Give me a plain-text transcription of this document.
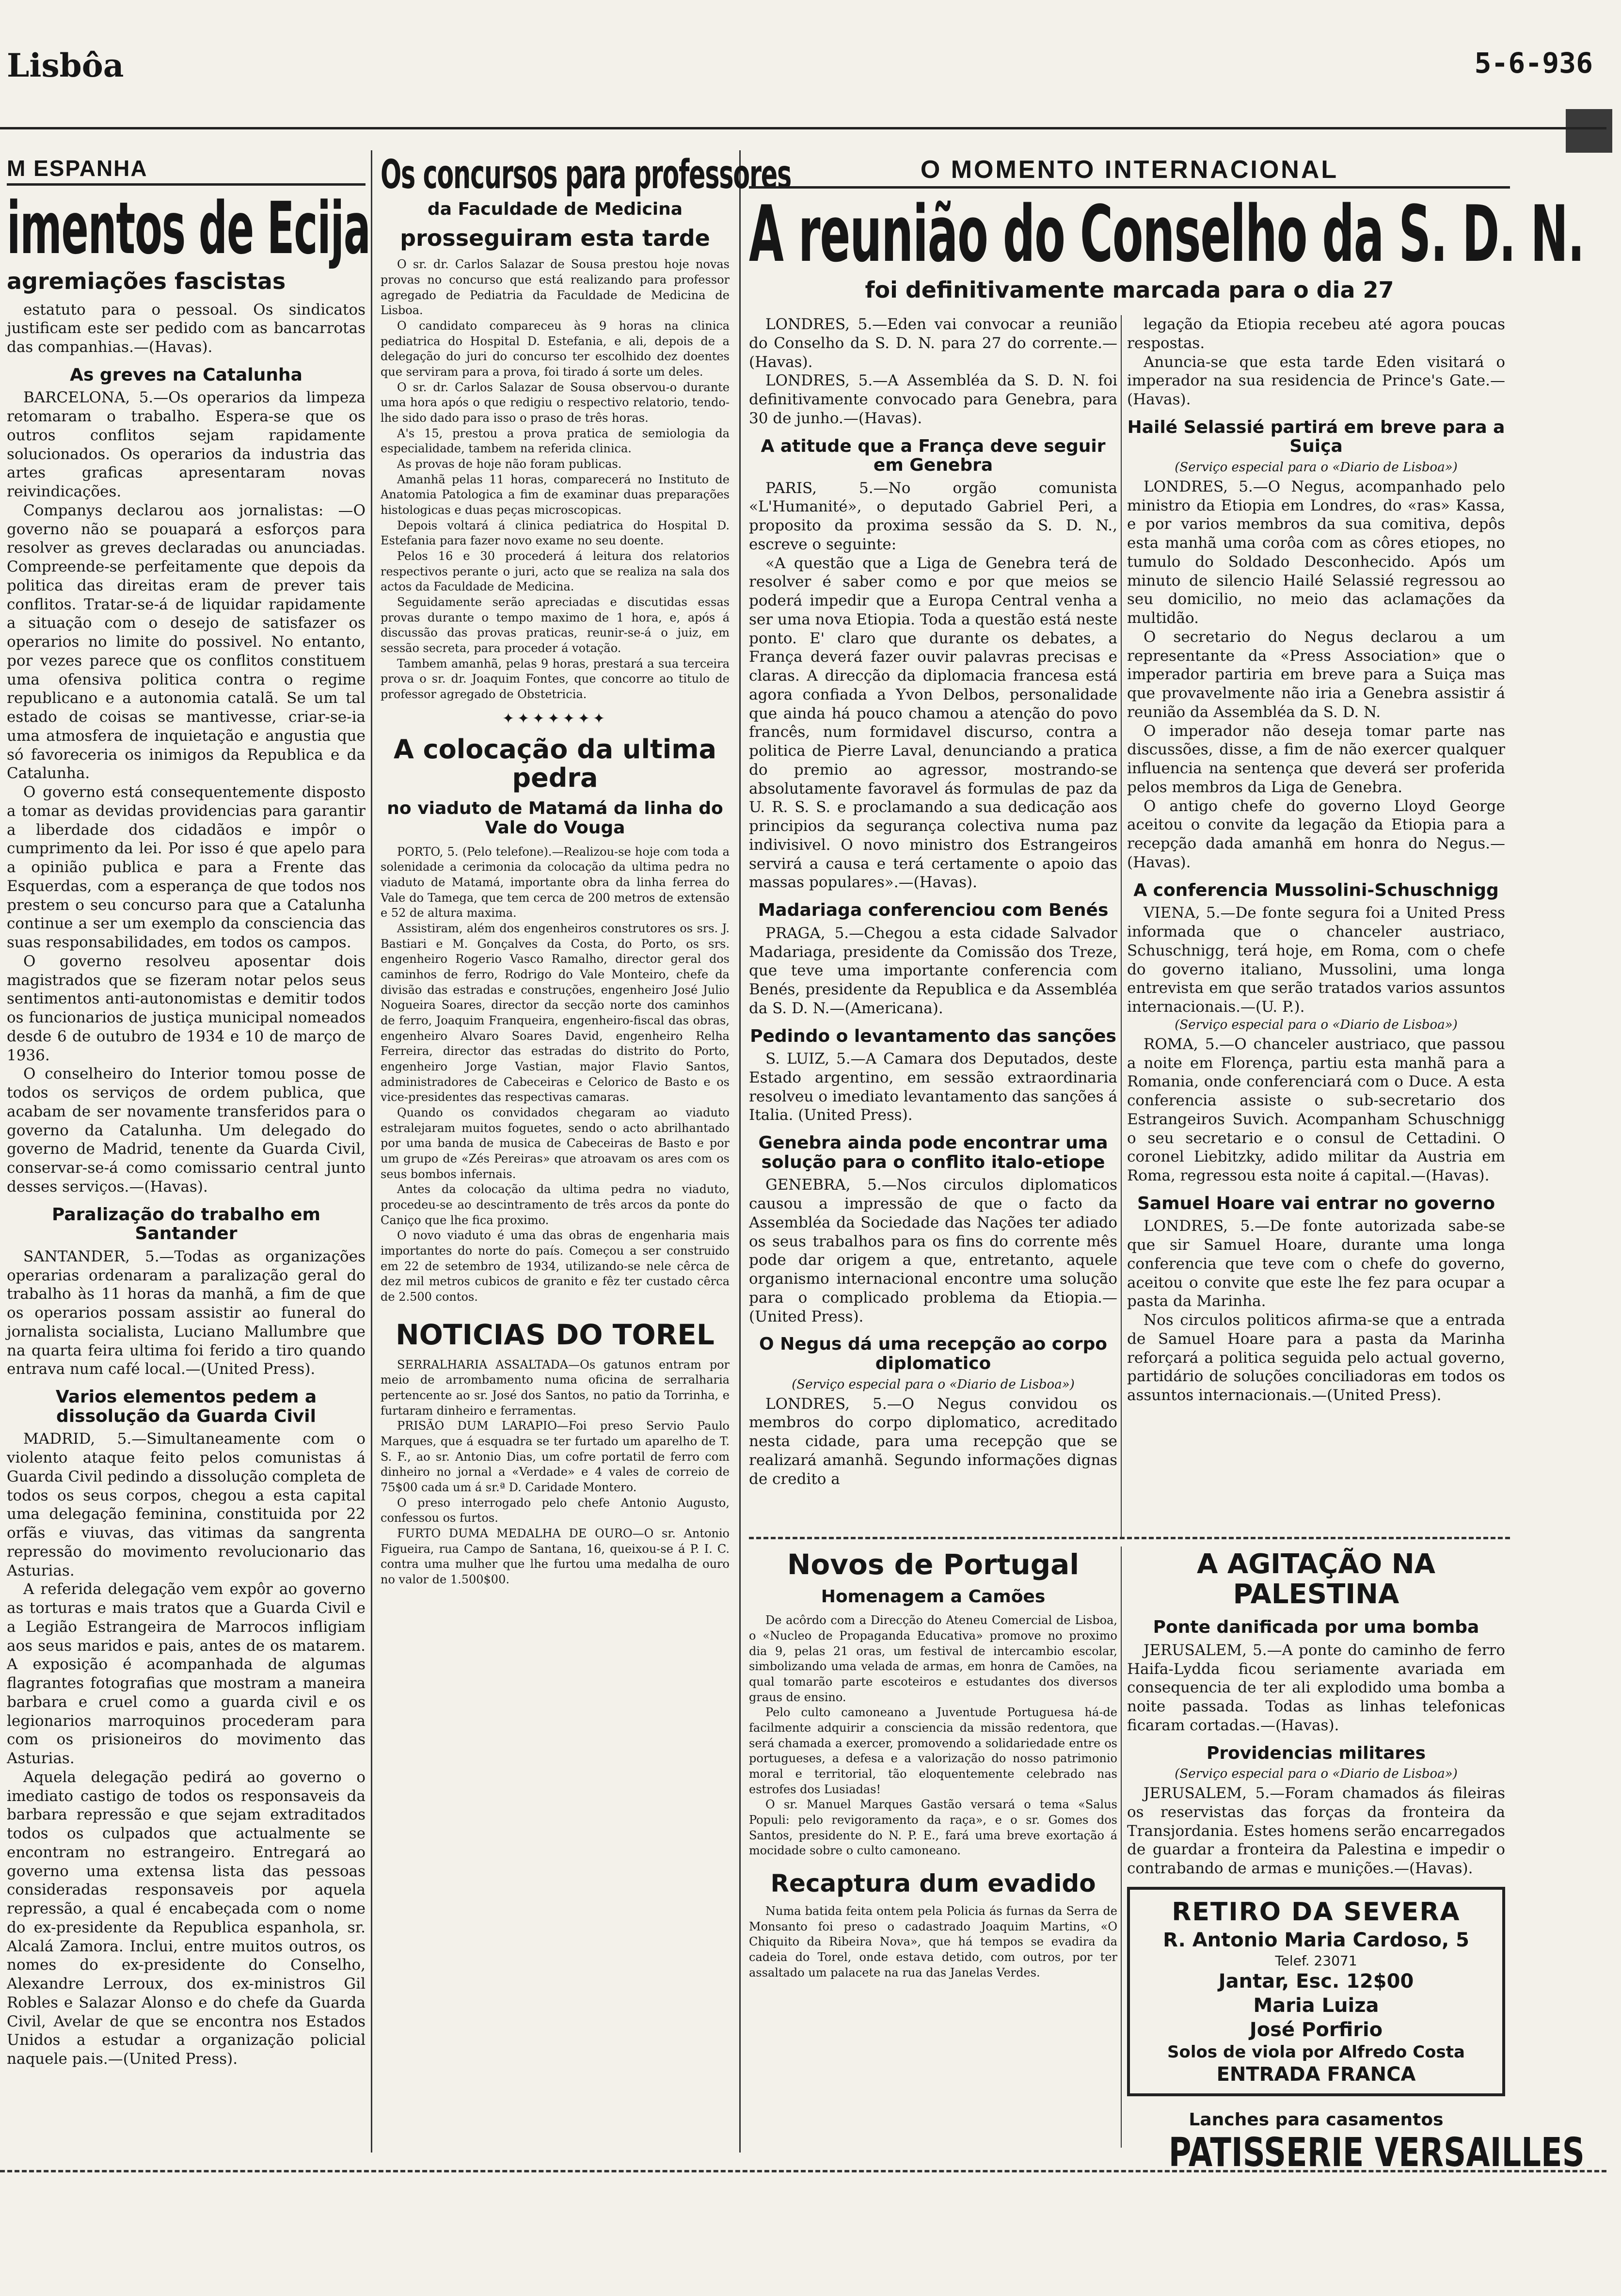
Lisbôa	5-6-936
M ESPANHA
imentos de Ecija
agremiações fascistas

estatuto para o pessoal. Os sindicatos justificam este ser pedido com as bancarrotas das companhias.—(Havas).

As greves na Catalunha

BARCELONA, 5.—Os operarios da limpeza retomaram o trabalho. Espera-se que os outros conflitos sejam rapidamente solucionados. Os operarios da industria das artes graficas apresentaram novas reivindicações.

Companys declarou aos jornalistas: —O governo não se pouapará a esforços para resolver as greves declaradas ou anunciadas. Compreende-se perfeitamente que depois da politica das direitas eram de prever tais conflitos. Tratar-se-á de liquidar rapidamente a situação com o desejo de satisfazer os operarios no limite do possivel. No entanto, por vezes parece que os conflitos constituem uma ofensiva politica contra o regime republicano e a autonomia catalã. Se um tal estado de coisas se mantivesse, criar-se-ia uma atmosfera de inquietação e angustia que só favoreceria os inimigos da Republica e da Catalunha.

O governo está consequentemente disposto a tomar as devidas providencias para garantir a liberdade dos cidadãos e impôr o cumprimento da lei. Por isso é que apelo para a opinião publica e para a Frente das Esquerdas, com a esperança de que todos nos prestem o seu concurso para que a Catalunha continue a ser um exemplo da consciencia das suas responsabilidades, em todos os campos.

O governo resolveu aposentar dois magistrados que se fizeram notar pelos seus sentimentos anti-autonomistas e demitir todos os funcionarios de justiça municipal nomeados desde 6 de outubro de 1934 e 10 de março de 1936.

O conselheiro do Interior tomou posse de todos os serviços de ordem publica, que acabam de ser novamente transferidos para o governo da Catalunha. Um delegado do governo de Madrid, tenente da Guarda Civil, conservar-se-á como comissario central junto desses serviços.—(Havas).

Paralização do trabalho em Santander

SANTANDER, 5.—Todas as organizações operarias ordenaram a paralização geral do trabalho às 11 horas da manhã, a fim de que os operarios possam assistir ao funeral do jornalista socialista, Luciano Mallumbre que na quarta feira ultima foi ferido a tiro quando entrava num café local.—(United Press).

Varios elementos pedem a dissolução da Guarda Civil

MADRID, 5.—Simultaneamente com o violento ataque feito pelos comunistas á Guarda Civil pedindo a dissolução completa de todos os seus corpos, chegou a esta capital uma delegação feminina, constituida por 22 orfãs e viuvas, das vitimas da sangrenta repressão do movimento revolucionario das Asturias.

A referida delegação vem expôr ao governo as torturas e mais tratos que a Guarda Civil e a Legião Estrangeira de Marrocos infligiam aos seus maridos e pais, antes de os matarem. A exposição é acompanhada de algumas flagrantes fotografias que mostram a maneira barbara e cruel como a guarda civil e os legionarios marroquinos procederam para com os prisioneiros do movimento das Asturias.

Aquela delegação pedirá ao governo o imediato castigo de todos os responsaveis da barbara repressão e que sejam extraditados todos os culpados que actualmente se encontram no estrangeiro. Entregará ao governo uma extensa lista das pessoas consideradas responsaveis por aquela repressão, a qual é encabeçada com o nome do ex-presidente da Republica espanhola, sr. Alcalá Zamora. Inclui, entre muitos outros, os nomes do ex-presidente do Conselho, Alexandre Lerroux, dos ex-ministros Gil Robles e Salazar Alonso e do chefe da Guarda Civil, Avelar de que se encontra nos Estados Unidos a estudar a organização policial naquele pais.—(United Press).

Os concursos para professores
da Faculdade de Medicina
prosseguiram esta tarde

O sr. dr. Carlos Salazar de Sousa prestou hoje novas provas no concurso que está realizando para professor agregado de Pediatria da Faculdade de Medicina de Lisboa.

O candidato compareceu às 9 horas na clinica pediatrica do Hospital D. Estefania, e ali, depois de a delegação do juri do concurso ter escolhido dez doentes que serviram para a prova, foi tirado á sorte um deles.

O sr. dr. Carlos Salazar de Sousa observou-o durante uma hora após o que redigiu o respectivo relatorio, tendo-lhe sido dado para isso o praso de três horas.

A's 15, prestou a prova pratica de semiologia da especialidade, tambem na referida clinica.

As provas de hoje não foram publicas.

Amanhã pelas 11 horas, comparecerá no Instituto de Anatomia Patologica a fim de examinar duas preparações histologicas e duas peças microscopicas.

Depois voltará á clinica pediatrica do Hospital D. Estefania para fazer novo exame no seu doente.

Pelos 16 e 30 procederá á leitura dos relatorios respectivos perante o juri, acto que se realiza na sala dos actos da Faculdade de Medicina.

Seguidamente serão apreciadas e discutidas essas provas durante o tempo maximo de 1 hora, e, após á discussão das provas praticas, reunir-se-á o juiz, em sessão secreta, para proceder á votação.

Tambem amanhã, pelas 9 horas, prestará a sua terceira prova o sr. dr. Joaquim Fontes, que concorre ao titulo de professor agregado de Obstetricia.

✦✦✦✦✦✦✦
A colocação da ultima pedra
no viaduto de Matamá da linha do Vale do Vouga

PORTO, 5. (Pelo telefone).—Realizou-se hoje com toda a solenidade a cerimonia da colocação da ultima pedra no viaduto de Matamá, importante obra da linha ferrea do Vale do Tamega, que tem cerca de 200 metros de extensão e 52 de altura maxima.

Assistiram, além dos engenheiros construtores os srs. J. Bastiari e M. Gonçalves da Costa, do Porto, os srs. engenheiro Rogerio Vasco Ramalho, director geral dos caminhos de ferro, Rodrigo do Vale Monteiro, chefe da divisão das estradas e construções, engenheiro José Julio Nogueira Soares, director da secção norte dos caminhos de ferro, Joaquim Franqueira, engenheiro-fiscal das obras, engenheiro Alvaro Soares David, engenheiro Relha Ferreira, director das estradas do distrito do Porto, engenheiro Jorge Vastian, major Flavio Santos, administradores de Cabeceiras e Celorico de Basto e os vice-presidentes das respectivas camaras.

Quando os convidados chegaram ao viaduto estralejaram muitos foguetes, sendo o acto abrilhantado por uma banda de musica de Cabeceiras de Basto e por um grupo de «Zés Pereiras» que atroavam os ares com os seus bombos infernais.

Antes da colocação da ultima pedra no viaduto, procedeu-se ao descintramento de três arcos da ponte do Caniço que lhe fica proximo.

O novo viaduto é uma das obras de engenharia mais importantes do norte do país. Começou a ser construido em 22 de setembro de 1934, utilizando-se nele cêrca de dez mil metros cubicos de granito e fêz ter custado cêrca de 2.500 contos.

NOTICIAS DO TOREL

SERRALHARIA ASSALTADA—Os gatunos entram por meio de arrombamento numa oficina de serralharia pertencente ao sr. José dos Santos, no patio da Torrinha, e furtaram dinheiro e ferramentas.

PRISÃO DUM LARAPIO—Foi preso Servio Paulo Marques, que á esquadra se ter furtado um aparelho de T. S. F., ao sr. Antonio Dias, um cofre portatil de ferro com dinheiro no jornal a «Verdade» e 4 vales de correio de 75$00 cada um á sr.ª D. Caridade Montero.

O preso interrogado pelo chefe Antonio Augusto, confessou os furtos.

FURTO DUMA MEDALHA DE OURO—O sr. Antonio Figueira, rua Campo de Santana, 16, queixou-se á P. I. C. contra uma mulher que lhe furtou uma medalha de ouro no valor de 1.500$00.

O MOMENTO INTERNACIONAL
A reunião do Conselho da S. D. N.
foi definitivamente marcada para o dia 27

LONDRES, 5.—Eden vai convocar a reunião do Conselho da S. D. N. para 27 do corrente.—(Havas).

LONDRES, 5.—A Assembléa da S. D. N. foi definitivamente convocado para Genebra, para 30 de junho.—(Havas).

A atitude que a França deve seguir em Genebra

PARIS, 5.—No orgão comunista «L'Humanité», o deputado Gabriel Peri, a proposito da proxima sessão da S. D. N., escreve o seguinte:

«A questão que a Liga de Genebra terá de resolver é saber como e por que meios se poderá impedir que a Europa Central venha a ser uma nova Etiopia. Toda a questão está neste ponto. E' claro que durante os debates, a França deverá fazer ouvir palavras precisas e claras. A direcção da diplomacia francesa está agora confiada a Yvon Delbos, personalidade que ainda há pouco chamou a atenção do povo francês, num formidavel discurso, contra a politica de Pierre Laval, denunciando a pratica do premio ao agressor, mostrando-se absolutamente favoravel ás formulas de paz da U. R. S. S. e proclamando a sua dedicação aos principios da segurança colectiva numa paz indivisivel. O novo ministro dos Estrangeiros servirá a causa e terá certamente o apoio das massas populares».—(Havas).

Madariaga conferenciou com Benés

PRAGA, 5.—Chegou a esta cidade Salvador Madariaga, presidente da Comissão dos Treze, que teve uma importante conferencia com Benés, presidente da Republica e da Assembléa da S. D. N.—(Americana).

Pedindo o levantamento das sanções

S. LUIZ, 5.—A Camara dos Deputados, deste Estado argentino, em sessão extraordinaria resolveu o imediato levantamento das sanções á Italia. (United Press).

Genebra ainda pode encontrar uma solução para o conflito italo-etiope

GENEBRA, 5.—Nos circulos diplomaticos causou a impressão de que o facto da Assembléa da Sociedade das Nações ter adiado os seus trabalhos para os fins do corrente mês pode dar origem a que, entretanto, aquele organismo internacional encontre uma solução para o complicado problema da Etiopia.—(United Press).

O Negus dá uma recepção ao corpo diplomatico
(Serviço especial para o «Diario de Lisboa»)

LONDRES, 5.—O Negus convidou os membros do corpo diplomatico, acreditado nesta cidade, para uma recepção que se realizará amanhã. Segundo informações dignas de credito a

legação da Etiopia recebeu até agora poucas respostas.

Anuncia-se que esta tarde Eden visitará o imperador na sua residencia de Prince's Gate.—(Havas).

Hailé Selassié partirá em breve para a Suiça
(Serviço especial para o «Diario de Lisboa»)

LONDRES, 5.—O Negus, acompanhado pelo ministro da Etiopia em Londres, do «ras» Kassa, e por varios membros da sua comitiva, depôs esta manhã uma corôa com as côres etiopes, no tumulo do Soldado Desconhecido. Após um minuto de silencio Hailé Selassié regressou ao seu domicilio, no meio das aclamações da multidão.

O secretario do Negus declarou a um representante da «Press Association» que o imperador partiria em breve para a Suiça mas que provavelmente não iria a Genebra assistir á reunião da Assembléa da S. D. N.

O imperador não deseja tomar parte nas discussões, disse, a fim de não exercer qualquer influencia na sentença que deverá ser proferida pelos membros da Liga de Genebra.

O antigo chefe do governo Lloyd George aceitou o convite da legação da Etiopia para a recepção dada amanhã em honra do Negus.—(Havas).

A conferencia Mussolini-Schuschnigg

VIENA, 5.—De fonte segura foi a United Press informada que o chanceler austriaco, Schuschnigg, terá hoje, em Roma, com o chefe do governo italiano, Mussolini, uma longa entrevista em que serão tratados varios assuntos internacionais.—(U. P.).

(Serviço especial para o «Diario de Lisboa»)

ROMA, 5.—O chanceler austriaco, que passou a noite em Florença, partiu esta manhã para a Romania, onde conferenciará com o Duce. A esta conferencia assiste o sub-secretario dos Estrangeiros Suvich. Acompanham Schuschnigg o seu secretario e o consul de Cettadini. O coronel Liebitzky, adido militar da Austria em Roma, regressou esta noite á capital.—(Havas).

Samuel Hoare vai entrar no governo

LONDRES, 5.—De fonte autorizada sabe-se que sir Samuel Hoare, durante uma longa conferencia que teve com o chefe do governo, aceitou o convite que este lhe fez para ocupar a pasta da Marinha.

Nos circulos politicos afirma-se que a entrada de Samuel Hoare para a pasta da Marinha reforçará a politica seguida pelo actual governo, partidário de soluções conciliadoras em todos os assuntos internacionais.—(United Press).

Novos de Portugal
Homenagem a Camões

De acôrdo com a Direcção do Ateneu Comercial de Lisboa, o «Nucleo de Propaganda Educativa» promove no proximo dia 9, pelas 21 oras, um festival de intercambio escolar, simbolizando uma velada de armas, em honra de Camões, na qual tomarão parte escoteiros e estudantes dos diversos graus de ensino.

Pelo culto camoneano a Juventude Portuguesa há-de facilmente adquirir a consciencia da missão redentora, que será chamada a exercer, promovendo a solidariedade entre os portugueses, a defesa e a valorização do nosso patrimonio moral e territorial, tão eloquentemente celebrado nas estrofes dos Lusiadas!

O sr. Manuel Marques Gastão versará o tema «Salus Populi: pelo revigoramento da raça», e o sr. Gomes dos Santos, presidente do N. P. E., fará uma breve exortação á mocidade sobre o culto camoneano.

Recaptura dum evadido

Numa batida feita ontem pela Policia ás furnas da Serra de Monsanto foi preso o cadastrado Joaquim Martins, «O Chiquito da Ribeira Nova», que há tempos se evadira da cadeia do Torel, onde estava detido, com outros, por ter assaltado um palacete na rua das Janelas Verdes.

A AGITAÇÃO NA PALESTINA
Ponte danificada por uma bomba

JERUSALEM, 5.—A ponte do caminho de ferro Haifa-Lydda ficou seriamente avariada em consequencia de ter ali explodido uma bomba a noite passada. Todas as linhas telefonicas ficaram cortadas.—(Havas).

Providencias militares
(Serviço especial para o «Diario de Lisboa»)

JERUSALEM, 5.—Foram chamados ás fileiras os reservistas das forças da fronteira da Transjordania. Estes homens serão encarregados de guardar a fronteira da Palestina e impedir o contrabando de armas e munições.—(Havas).

RETIRO DA SEVERA
R. Antonio Maria Cardoso, 5
Telef. 23071
Jantar, Esc. 12$00
Maria Luiza
José Porfirio
Solos de viola por Alfredo Costa
ENTRADA FRANCA
Lanches para casamentos
PATISSERIE VERSAILLES
